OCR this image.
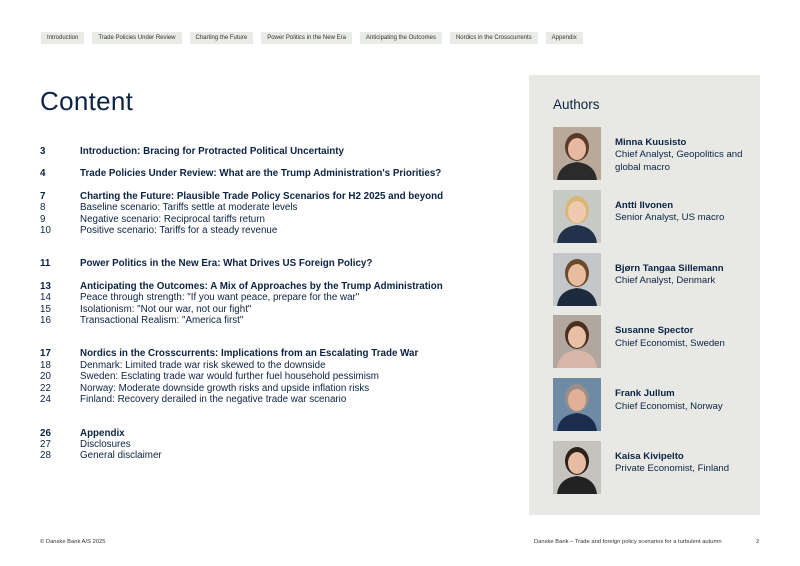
Introduction	Trade Policies Under Review	Charting the Future	Power Politics in the New Era	Anticipating the Outcomes	Nordics in the Crosscurrents	Appendix
Content
3	Introduction: Bracing for Protracted Political Uncertainty
4	Trade Policies Under Review: What are the Trump Administration's Priorities?
7	Charting the Future: Plausible Trade Policy Scenarios for H2 2025 and beyond
8	Baseline scenario: Tariffs settle at moderate levels
9	Negative scenario: Reciprocal tariffs return
10	Positive scenario: Tariffs for a steady revenue
11	Power Politics in the New Era: What Drives US Foreign Policy?
13	Anticipating the Outcomes: A Mix of Approaches by the Trump Administration
14	Peace through strength: "If you want peace, prepare for the war"
15	Isolationism: "Not our war, not our fight"
16	Transactional Realism: "America first"
17	Nordics in the Crosscurrents: Implications from an Escalating Trade War
18	Denmark: Limited trade war risk skewed to the downside
20	Sweden: Esclating trade war would further fuel household pessimism
22	Norway: Moderate downside growth risks and upside inflation risks
24	Finland: Recovery derailed in the negative trade war scenario
26	Appendix
27	Disclosures
28	General disclaimer
Authors
Minna Kuusisto
Chief Analyst, Geopolitics and global macro
Antti Ilvonen
Senior Analyst, US macro
Bjørn Tangaa Sillemann
Chief Analyst, Denmark
Susanne Spector
Chief Economist, Sweden
Frank Jullum
Chief Economist, Norway
Kaisa Kivipelto
Private Economist, Finland
© Danske Bank A/S 2025	Danske Bank – Trade and foreign policy scenarios for a turbulent autumn	2
